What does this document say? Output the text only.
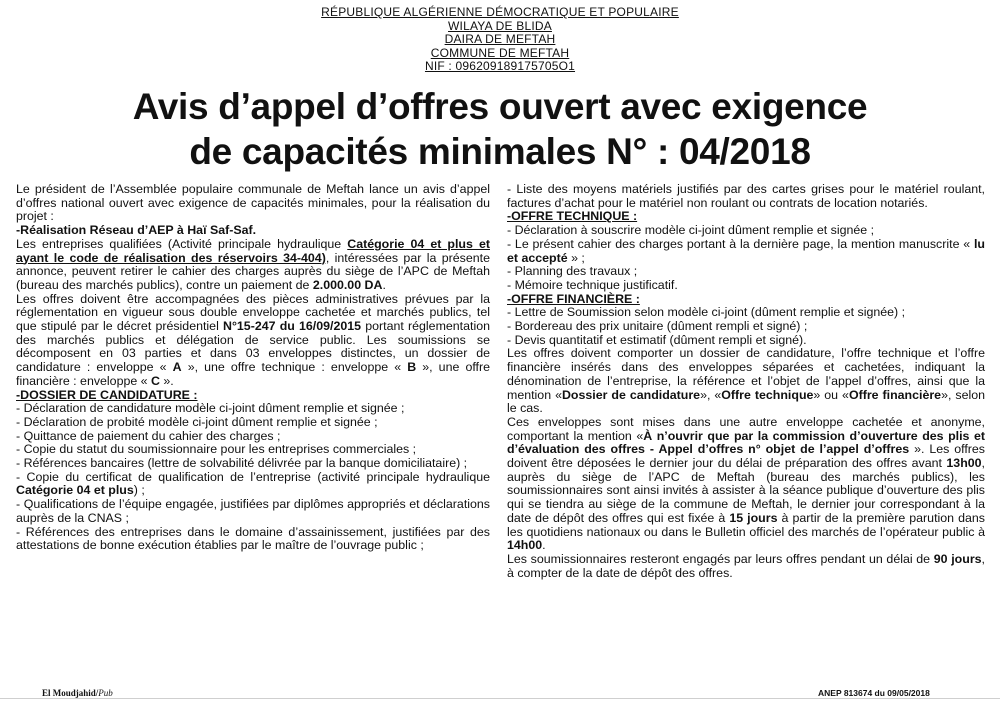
RÉPUBLIQUE ALGÉRIENNE DÉMOCRATIQUE ET POPULAIRE
WILAYA DE BLIDA
DAIRA DE MEFTAH
COMMUNE DE MEFTAH
NIF : 096209189175705O1
Avis d’appel d’offres ouvert avec exigence
de capacités minimales N° : 04/2018

Le président de l’Assemblée populaire communale de Meftah lance un avis d’appel d’offres national ouvert avec exigence de capacités minimales, pour la réalisation du projet :

-Réalisation Réseau d’AEP à Haï Saf-Saf.

Les entreprises qualifiées (Activité principale hydraulique Catégorie 04 et plus et ayant le code de réalisation des réservoirs 34-404), intéressées par la présente annonce, peuvent retirer le cahier des charges auprès du siège de l’APC de Meftah (bureau des marchés publics), contre un paiement de 2.000.00 DA.

Les offres doivent être accompagnées des pièces administratives prévues par la réglementation en vigueur sous double enveloppe cachetée et marchés publics, tel que stipulé par le décret présidentiel N°15-247 du 16/09/2015 portant réglementation des marchés publics et délégation de service public. Les soumissions se décomposent en 03 parties et dans 03 enveloppes distinctes, un dossier de candidature : enveloppe « A », une offre technique : enveloppe « B », une offre financière : enveloppe « C ».

-DOSSIER DE CANDIDATURE :

- Déclaration de candidature modèle ci-joint dûment remplie et signée ;

- Déclaration de probité modèle ci-joint dûment remplie et signée ;

- Quittance de paiement du cahier des charges ;

- Copie du statut du soumissionnaire pour les entreprises commerciales ;

- Références bancaires (lettre de solvabilité délivrée par la banque domiciliataire) ;

- Copie du certificat de qualification de l’entreprise (activité principale hydraulique Catégorie 04 et plus) ;

- Qualifications de l’équipe engagée, justifiées par diplômes appropriés et déclarations auprès de la CNAS ;

- Références des entreprises dans le domaine d’assainissement, justifiées par des attestations de bonne exécution établies par le maître de l’ouvrage public ;

- Liste des moyens matériels justifiés par des cartes grises pour le matériel roulant, factures d’achat pour le matériel non roulant ou contrats de location notariés.

-OFFRE TECHNIQUE :

- Déclaration à souscrire modèle ci-joint dûment remplie et signée ;

- Le présent cahier des charges portant à la dernière page, la mention manuscrite « lu et accepté » ;

- Planning des travaux ;

- Mémoire technique justificatif.

-OFFRE FINANCIÈRE :

- Lettre de Soumission selon modèle ci-joint (dûment remplie et signée) ;

- Bordereau des prix unitaire (dûment rempli et signé) ;

- Devis quantitatif et estimatif (dûment rempli et signé).

Les offres doivent comporter un dossier de candidature, l’offre technique et l’offre financière insérés dans des enveloppes séparées et cachetées, indiquant la dénomination de l’entreprise, la référence et l’objet de l’appel d’offres, ainsi que la mention «Dossier de candidature», «Offre technique» ou «Offre financière», selon le cas.

Ces enveloppes sont mises dans une autre enveloppe cachetée et anonyme, comportant la mention «À n’ouvrir que par la commission d’ouverture des plis et d’évaluation des offres - Appel d’offres n° objet de l’appel d’offres ». Les offres doivent être déposées le dernier jour du délai de préparation des offres avant 13h00, auprès du siège de l’APC de Meftah (bureau des marchés publics), les soumissionnaires sont ainsi invités à assister à la séance publique d’ouverture des plis qui se tiendra au siège de la commune de Meftah, le dernier jour correspondant à la date de dépôt des offres qui est fixée à 15 jours à partir de la première parution dans les quotidiens nationaux ou dans le Bulletin officiel des marchés de l’opérateur public à 14h00.

Les soumissionnaires resteront engagés par leurs offres pendant un délai de 90 jours, à compter de la date de dépôt des offres.

El Moudjahid/Pub	ANEP 813674 du 09/05/2018
